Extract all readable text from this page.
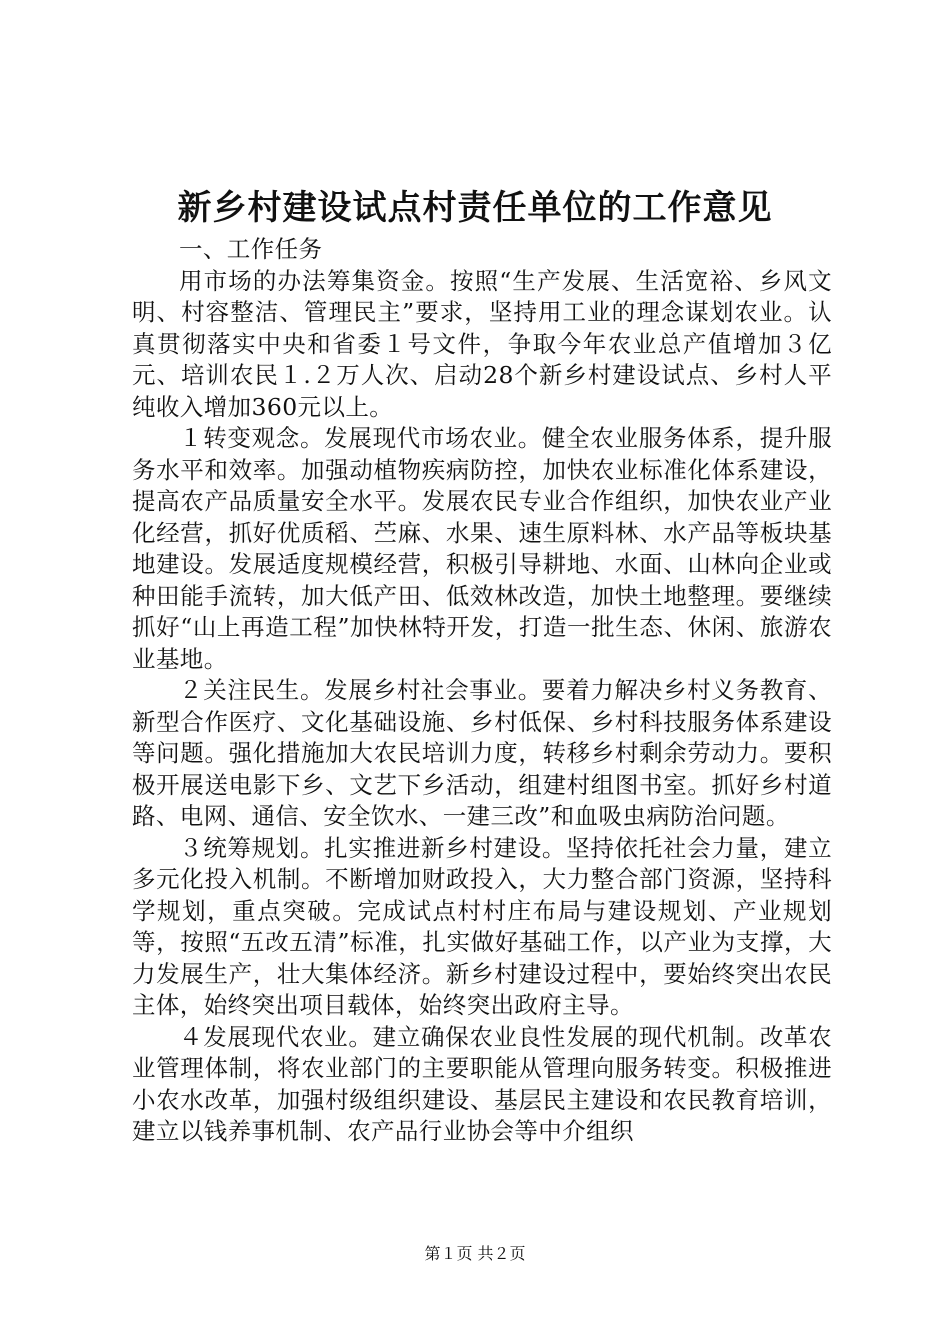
新乡村建设试点村责任单位的工作意见

一、工作任务

用市场的办法筹集资金。按照“生产发展、生活宽裕、乡风文明、村容整洁、管理民主”要求，坚持用工业的理念谋划农业。认真贯彻落实中央和省委１号文件，争取今年农业总产值增加３亿元、培训农民１.２万人次、启动28个新乡村建设试点、乡村人平纯收入增加360元以上。

１转变观念。发展现代市场农业。健全农业服务体系，提升服务水平和效率。加强动植物疾病防控，加快农业标准化体系建设，提高农产品质量安全水平。发展农民专业合作组织，加快农业产业化经营，抓好优质稻、苎麻、水果、速生原料林、水产品等板块基地建设。发展适度规模经营，积极引导耕地、水面、山林向企业或种田能手流转，加大低产田、低效林改造，加快土地整理。要继续抓好“山上再造工程”加快林特开发，打造一批生态、休闲、旅游农业基地。

２关注民生。发展乡村社会事业。要着力解决乡村义务教育、新型合作医疗、文化基础设施、乡村低保、乡村科技服务体系建设等问题。强化措施加大农民培训力度，转移乡村剩余劳动力。要积极开展送电影下乡、文艺下乡活动，组建村组图书室。抓好乡村道路、电网、通信、安全饮水、一建三改”和血吸虫病防治问题。

３统筹规划。扎实推进新乡村建设。坚持依托社会力量，建立多元化投入机制。不断增加财政投入，大力整合部门资源，坚持科学规划，重点突破。完成试点村村庄布局与建设规划、产业规划等，按照“五改五清”标准，扎实做好基础工作，以产业为支撑，大力发展生产，壮大集体经济。新乡村建设过程中，要始终突出农民主体，始终突出项目载体，始终突出政府主导。

４发展现代农业。建立确保农业良性发展的现代机制。改革农业管理体制，将农业部门的主要职能从管理向服务转变。积极推进小农水改革，加强村级组织建设、基层民主建设和农民教育培训，建立以钱养事机制、农产品行业协会等中介组织

第１页 共２页
